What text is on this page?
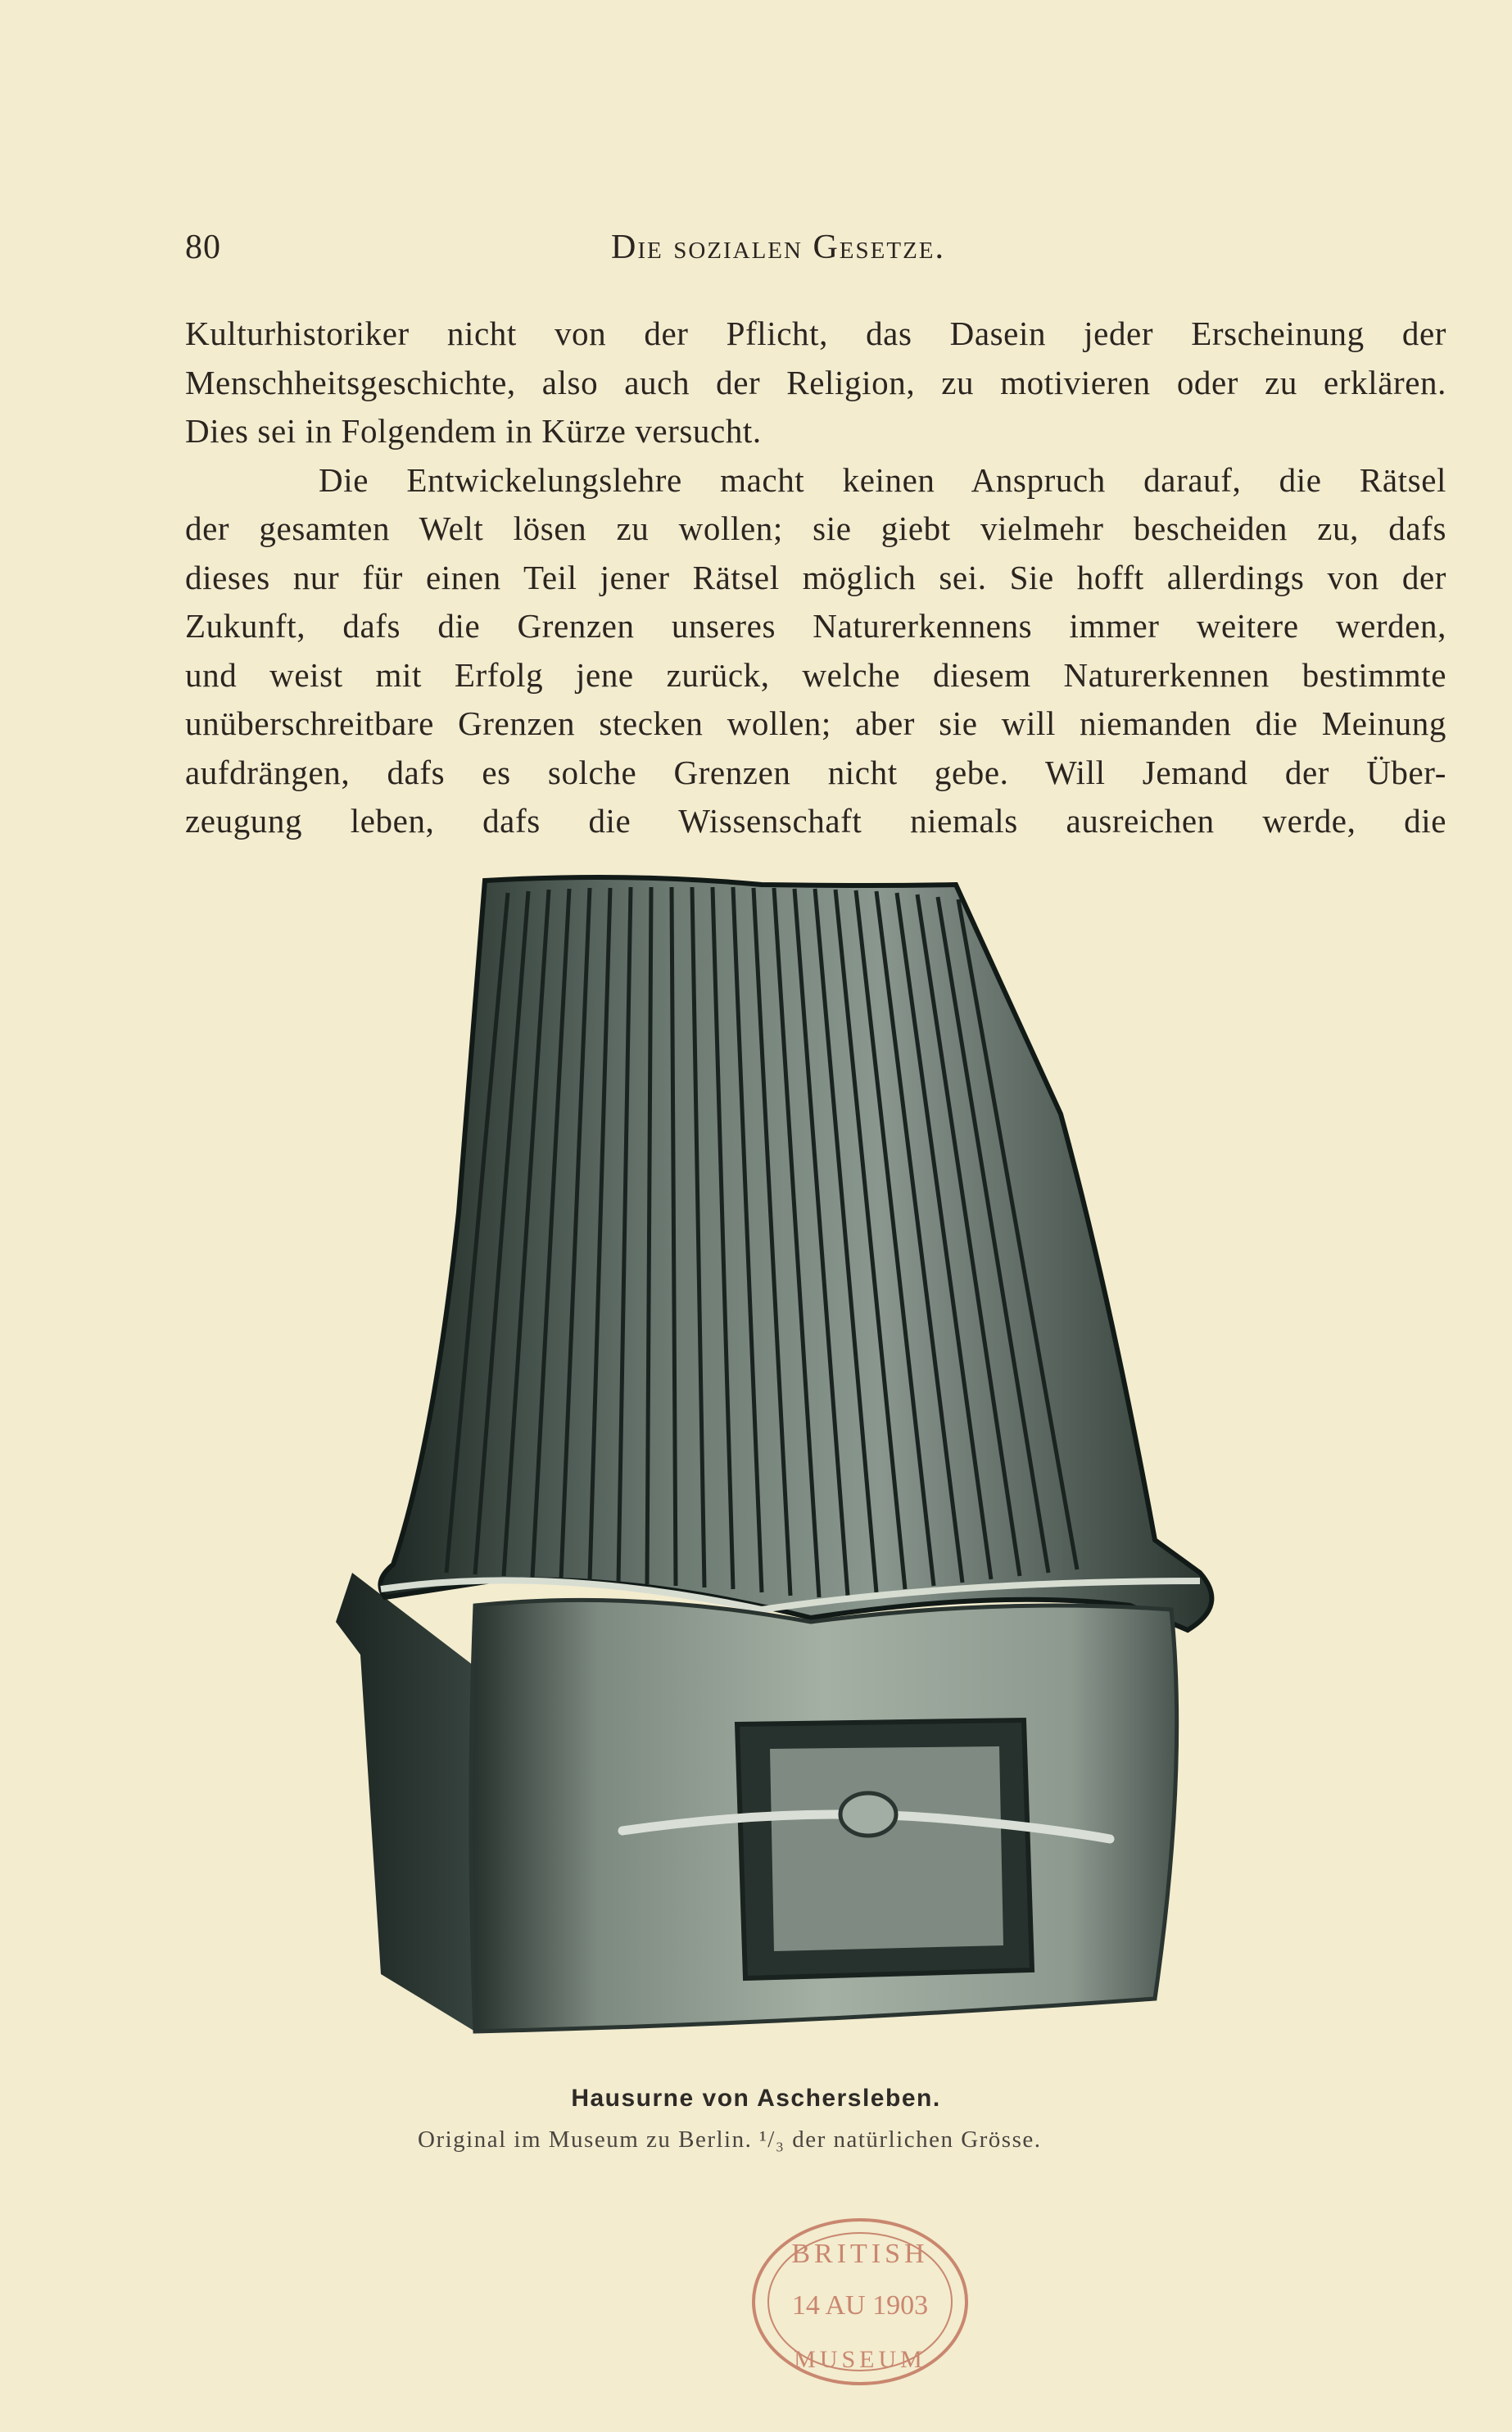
80	Die sozialen Gesetze.
Kulturhistoriker nicht von der Pflicht, das Dasein jeder Erscheinung der
Menschheitsgeschichte, also auch der Religion, zu motivieren oder zu erklären.
Dies sei in Folgendem in Kürze versucht.
Die Entwickelungslehre macht keinen Anspruch darauf, die Rätsel
der gesamten Welt lösen zu wollen; sie giebt vielmehr bescheiden zu, dafs
dieses nur für einen Teil jener Rätsel möglich sei. Sie hofft allerdings von der
Zukunft, dafs die Grenzen unseres Naturerkennens immer weitere werden,
und weist mit Erfolg jene zurück, welche diesem Naturerkennen bestimmte
unüberschreitbare Grenzen stecken wollen; aber sie will niemanden die Meinung
aufdrängen, dafs es solche Grenzen nicht gebe. Will Jemand der Über-
zeugung leben, dafs die Wissenschaft niemals ausreichen werde, die
Hausurne von Aschersleben.
Original im Museum zu Berlin. ¹/₃ der natürlichen Grösse.
BRITISH
14 AU 1903
MUSEUM
